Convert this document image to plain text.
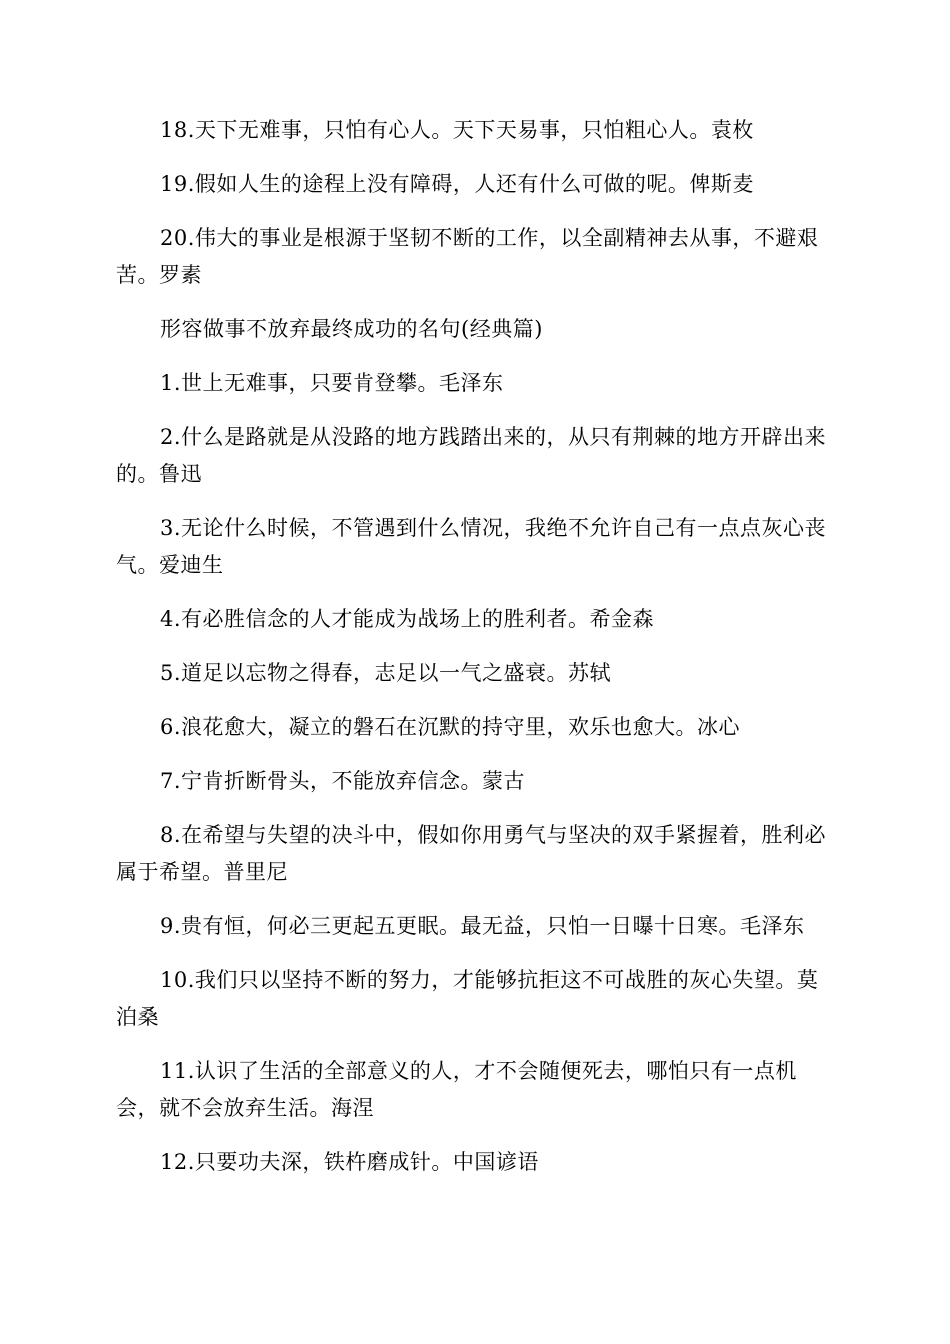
18.天下无难事，只怕有心人。天下天易事，只怕粗心人。袁枚

19.假如人生的途程上没有障碍，人还有什么可做的呢。俾斯麦

20.伟大的事业是根源于坚韧不断的工作，以全副精神去从事，不避艰苦。罗素

形容做事不放弃最终成功的名句(经典篇)

1.世上无难事，只要肯登攀。毛泽东

2.什么是路就是从没路的地方践踏出来的，从只有荆棘的地方开辟出来的。鲁迅

3.无论什么时候，不管遇到什么情况，我绝不允许自己有一点点灰心丧气。爱迪生

4.有必胜信念的人才能成为战场上的胜利者。希金森

5.道足以忘物之得春，志足以一气之盛衰。苏轼

6.浪花愈大，凝立的磐石在沉默的持守里，欢乐也愈大。冰心

7.宁肯折断骨头，不能放弃信念。蒙古

8.在希望与失望的决斗中，假如你用勇气与坚决的双手紧握着，胜利必属于希望。普里尼

9.贵有恒，何必三更起五更眠。最无益，只怕一日曝十日寒。毛泽东

10.我们只以坚持不断的努力，才能够抗拒这不可战胜的灰心失望。莫泊桑

11.认识了生活的全部意义的人，才不会随便死去，哪怕只有一点机会，就不会放弃生活。海涅

12.只要功夫深，铁杵磨成针。中国谚语
